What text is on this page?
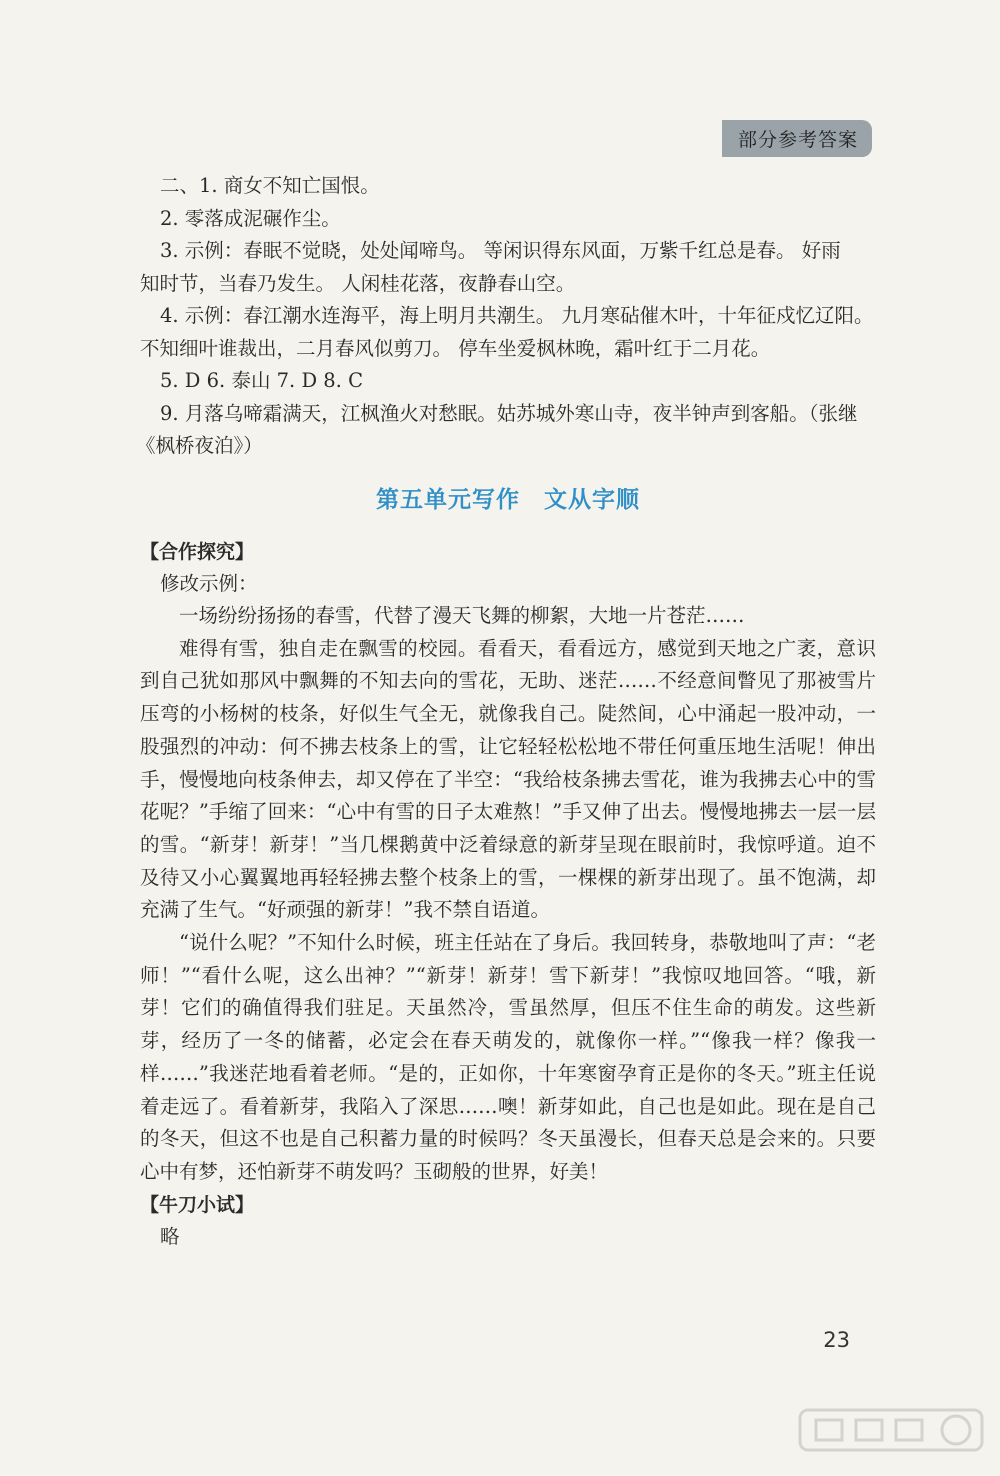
部分参考答案

二、1. 商女不知亡国恨。

2. 零落成泥碾作尘。

3. 示例：春眠不觉晓，处处闻啼鸟。 等闲识得东风面，万紫千红总是春。 好雨

知时节，当春乃发生。 人闲桂花落，夜静春山空。

4. 示例：春江潮水连海平，海上明月共潮生。 九月寒砧催木叶，十年征戍忆辽阳。

不知细叶谁裁出，二月春风似剪刀。 停车坐爱枫林晚，霜叶红于二月花。

5. D 6. 泰山 7. D 8. C

9. 月落乌啼霜满天，江枫渔火对愁眠。姑苏城外寒山寺，夜半钟声到客船。（张继

《枫桥夜泊》）

第五单元写作　文从字顺

【合作探究】

修改示例：

一场纷纷扬扬的春雪，代替了漫天飞舞的柳絮，大地一片苍茫……

难得有雪，独自走在飘雪的校园。看看天，看看远方，感觉到天地之广袤，意识到自己犹如那风中飘舞的不知去向的雪花，无助、迷茫……不经意间瞥见了那被雪片压弯的小杨树的枝条，好似生气全无，就像我自己。陡然间，心中涌起一股冲动，一股强烈的冲动：何不拂去枝条上的雪，让它轻轻松松地不带任何重压地生活呢！伸出手，慢慢地向枝条伸去，却又停在了半空：“我给枝条拂去雪花，谁为我拂去心中的雪花呢？”手缩了回来：“心中有雪的日子太难熬！”手又伸了出去。慢慢地拂去一层一层的雪。“新芽！新芽！”当几棵鹅黄中泛着绿意的新芽呈现在眼前时，我惊呼道。迫不及待又小心翼翼地再轻轻拂去整个枝条上的雪，一棵棵的新芽出现了。虽不饱满，却充满了生气。“好顽强的新芽！”我不禁自语道。

“说什么呢？”不知什么时候，班主任站在了身后。我回转身，恭敬地叫了声：“老师！”“看什么呢，这么出神？”“新芽！新芽！雪下新芽！”我惊叹地回答。“哦，新芽！它们的确值得我们驻足。天虽然冷，雪虽然厚，但压不住生命的萌发。这些新芽，经历了一冬的储蓄，必定会在春天萌发的，就像你一样。”“像我一样？像我一样……”我迷茫地看着老师。“是的，正如你，十年寒窗孕育正是你的冬天。”班主任说着走远了。看着新芽，我陷入了深思……噢！新芽如此，自己也是如此。现在是自己的冬天，但这不也是自己积蓄力量的时候吗？冬天虽漫长，但春天总是会来的。只要心中有梦，还怕新芽不萌发吗？玉砌般的世界，好美！

【牛刀小试】

略

23
